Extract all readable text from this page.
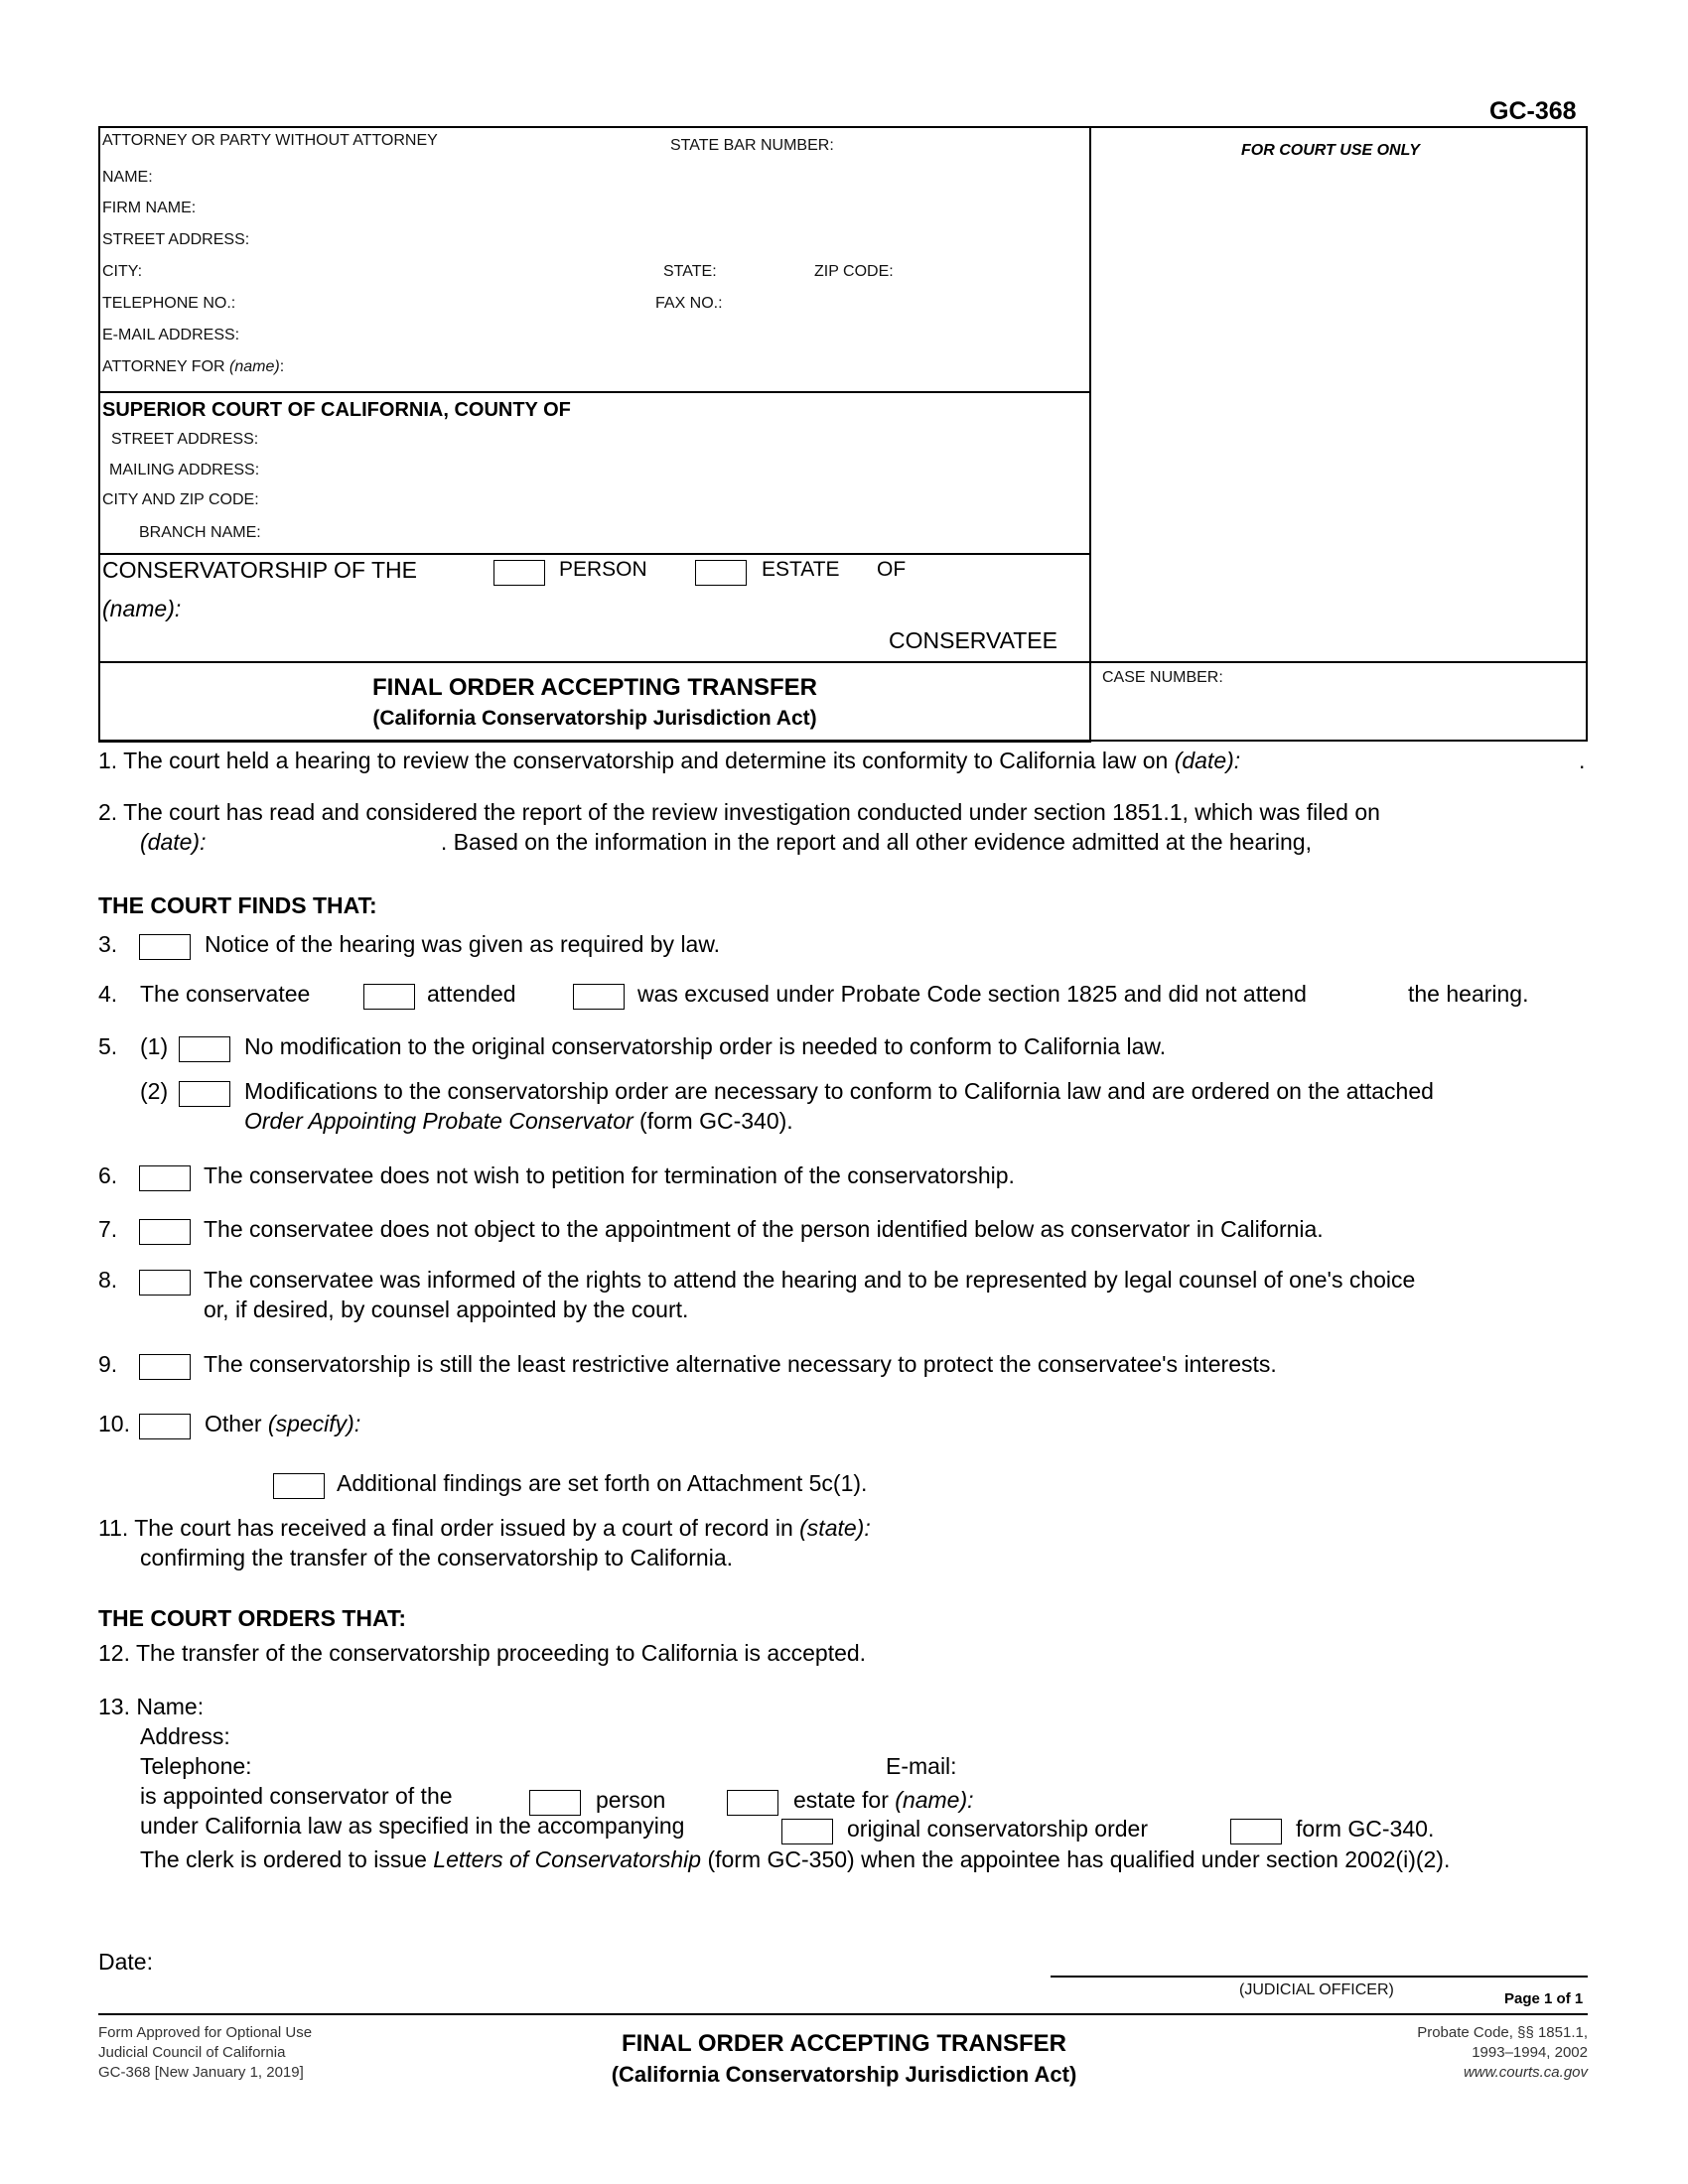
GC-368
ATTORNEY OR PARTY WITHOUT ATTORNEY	STATE BAR NUMBER:	FOR COURT USE ONLY
NAME:
FIRM NAME:
STREET ADDRESS:
CITY:	STATE:	ZIP CODE:
TELEPHONE NO.:	FAX NO.:
E-MAIL ADDRESS:
ATTORNEY FOR (name):
SUPERIOR COURT OF CALIFORNIA, COUNTY OF
STREET ADDRESS:
MAILING ADDRESS:
CITY AND ZIP CODE:
BRANCH NAME:
CONSERVATORSHIP OF THE	PERSON	ESTATE OF
(name):
CONSERVATEE
FINAL ORDER ACCEPTING TRANSFER
(California Conservatorship Jurisdiction Act)
CASE NUMBER:
1. The court held a hearing to review the conservatorship and determine its conformity to California law on (date):	.
2. The court has read and considered the report of the review investigation conducted under section 1851.1, which was filed on
(date):	. Based on the information in the report and all other evidence admitted at the hearing,
THE COURT FINDS THAT:
3.	Notice of the hearing was given as required by law.
4. The conservatee	attended	was excused under Probate Code section 1825 and did not attend	the hearing.
5. (1)	No modification to the original conservatorship order is needed to conform to California law.
(2)	Modifications to the conservatorship order are necessary to conform to California law and are ordered on the attached
Order Appointing Probate Conservator (form GC-340).
6.	The conservatee does not wish to petition for termination of the conservatorship.
7.	The conservatee does not object to the appointment of the person identified below as conservator in California.
8.	The conservatee was informed of the rights to attend the hearing and to be represented by legal counsel of one's choice
or, if desired, by counsel appointed by the court.
9.	The conservatorship is still the least restrictive alternative necessary to protect the conservatee's interests.
10.	Other (specify):
Additional findings are set forth on Attachment 5c(1).
11. The court has received a final order issued by a court of record in (state):
confirming the transfer of the conservatorship to California.
THE COURT ORDERS THAT:
12. The transfer of the conservatorship proceeding to California is accepted.
13. Name:
Address:
Telephone:	E-mail:
is appointed conservator of the	person	estate for (name):
under California law as specified in the accompanying	original conservatorship order	form GC-340.
The clerk is ordered to issue Letters of Conservatorship (form GC-350) when the appointee has qualified under section 2002(i)(2).
Date:
(JUDICIAL OFFICER)
Page 1 of 1
Form Approved for Optional Use
Judicial Council of California
GC-368 [New January 1, 2019]
FINAL ORDER ACCEPTING TRANSFER
(California Conservatorship Jurisdiction Act)
Probate Code, §§ 1851.1,
1993–1994, 2002
www.courts.ca.gov
